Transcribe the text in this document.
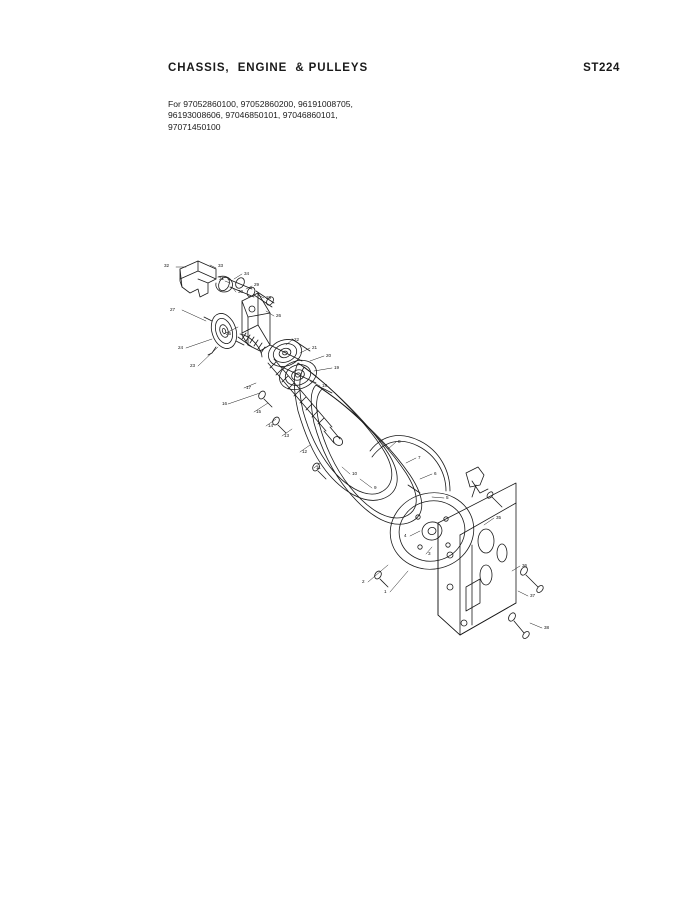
CHASSIS,  ENGINE  & PULLEYS	ST224
For 97052860100, 97052860200, 96191008705,
96193008606, 97046850101, 97046860101,
97071450100
32	33
34
31
30
29
28
27
26
25
24
23
22
21
20
19
18
17
16
15
14
13
12
11
10
9
8
7
6
5
4
3
2
1
35
36
37
38
